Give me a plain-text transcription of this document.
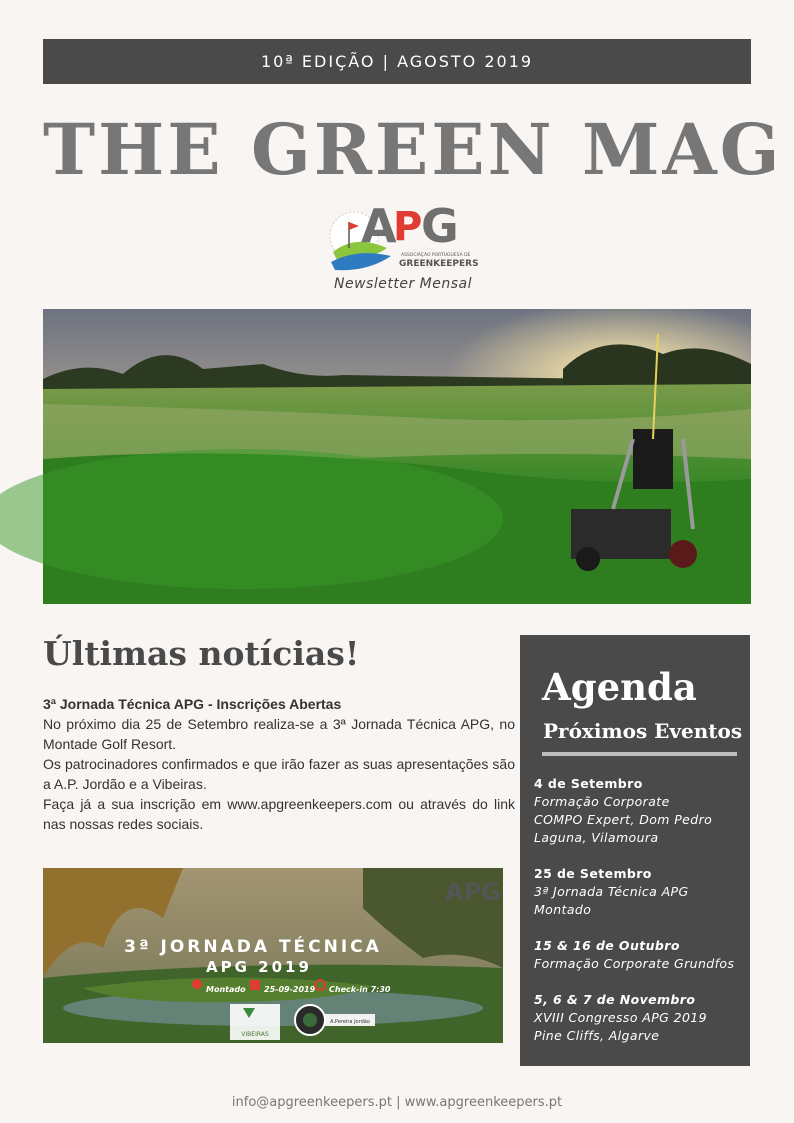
10ª EDIÇÃO | AGOSTO 2019
THE GREEN MAG
A
P
G
ASSOCIAÇÃO PORTUGUESA DE
GREENKEEPERS
Newsletter Mensal
Últimas notícias!
3ª Jornada Técnica APG - Inscrições Abertas
No próximo dia 25 de Setembro realiza-se a 3ª Jornada Técnica APG, no Montade Golf Resort.
Os patrocinadores confirmados e que irão fazer as suas apresentações são a A.P. Jordão e a Vibeiras.
Faça já a sua inscrição em www.apgreenkeepers.com ou através do link nas nossas redes sociais.
APG
3ª JORNADA TÉCNICA
APG 2019
Montado 25-09-2019 Check-in 7:30
VIBEIRAS
A.Pereira Jordão
Agenda
Próximos Eventos
4 de Setembro
Formação Corporate
COMPO Expert, Dom Pedro
Laguna, Vilamoura
25 de Setembro
3ª Jornada Técnica APG
Montado
15 & 16 de Outubro
Formação Corporate Grundfos
5, 6 & 7 de Novembro
XVIII Congresso APG 2019
Pine Cliffs, Algarve
info@apgreenkeepers.pt | www.apgreenkeepers.pt
